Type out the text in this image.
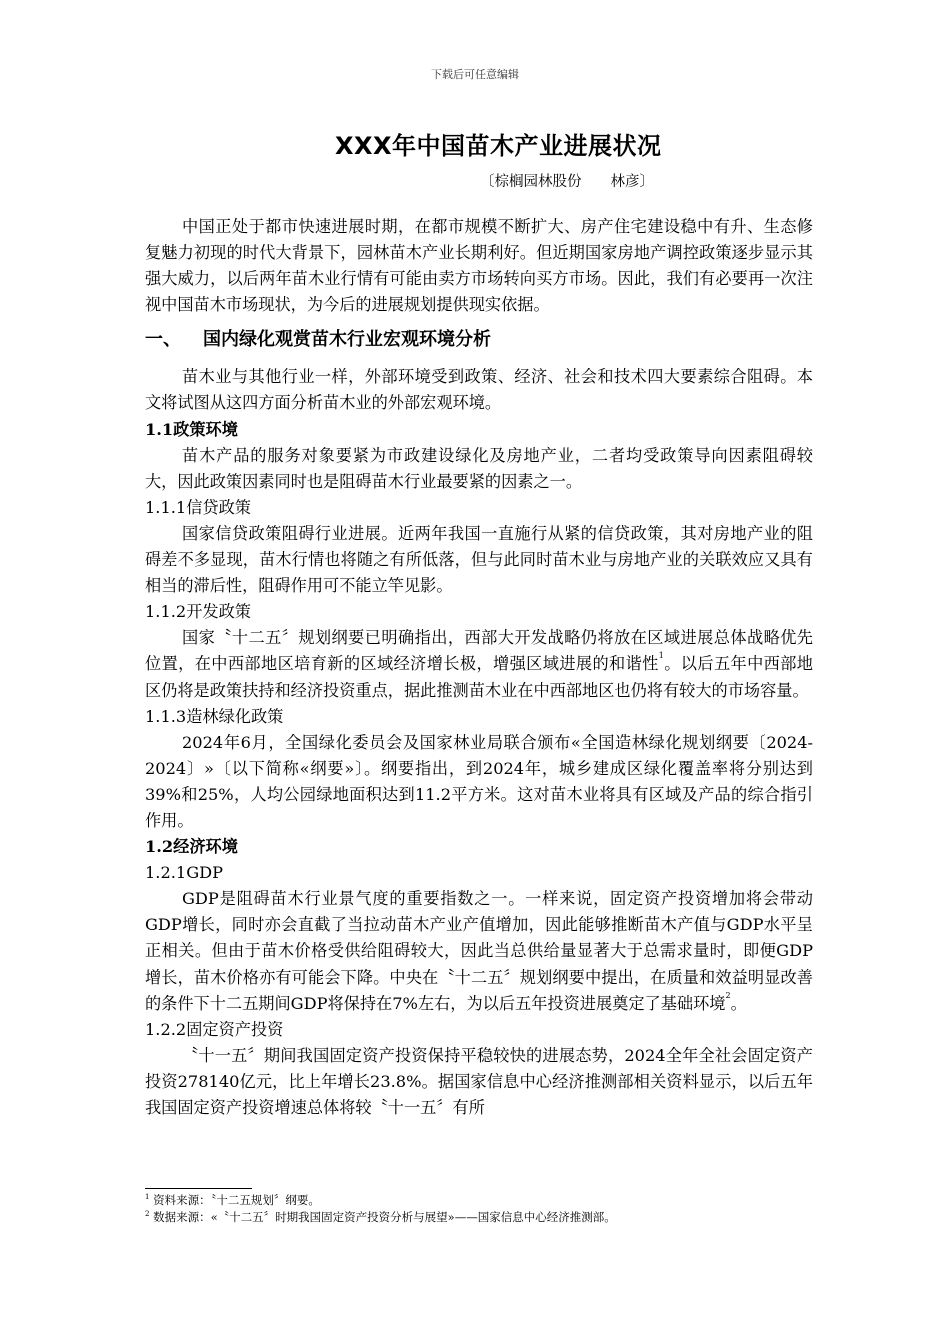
下载后可任意编辑
XXX年中国苗木产业进展状况
〔棕榈园林股份　　林彦〕

中国正处于都市快速进展时期，在都市规模不断扩大、房产住宅建设稳中有升、生态修复魅力初现的时代大背景下，园林苗木产业长期利好。但近期国家房地产调控政策逐步显示其强大威力，以后两年苗木业行情有可能由卖方市场转向买方市场。因此，我们有必要再一次注视中国苗木市场现状，为今后的进展规划提供现实依据。

一、 国内绿化观赏苗木行业宏观环境分析

苗木业与其他行业一样，外部环境受到政策、经济、社会和技术四大要素综合阻碍。本文将试图从这四方面分析苗木业的外部宏观环境。

1.1政策环境

苗木产品的服务对象要紧为市政建设绿化及房地产业，二者均受政策导向因素阻碍较大，因此政策因素同时也是阻碍苗木行业最要紧的因素之一。

1.1.1信贷政策

国家信贷政策阻碍行业进展。近两年我国一直施行从紧的信贷政策，其对房地产业的阻碍差不多显现，苗木行情也将随之有所低落，但与此同时苗木业与房地产业的关联效应又具有相当的滞后性，阻碍作用可不能立竿见影。

1.1.2开发政策

国家〝十二五〞规划纲要已明确指出，西部大开发战略仍将放在区域进展总体战略优先位置，在中西部地区培育新的区域经济增长极，增强区域进展的和谐性$^1$。以后五年中西部地区仍将是政策扶持和经济投资重点，据此推测苗木业在中西部地区也仍将有较大的市场容量。

1.1.3造林绿化政策

2024年6月，全国绿化委员会及国家林业局联合颁布«全国造林绿化规划纲要〔2024-2024〕»〔以下简称«纲要»〕。纲要指出，到2024年，城乡建成区绿化覆盖率将分别达到39%和25%，人均公园绿地面积达到11.2平方米。这对苗木业将具有区域及产品的综合指引作用。

1.2经济环境
1.2.1GDP

GDP是阻碍苗木行业景气度的重要指数之一。一样来说，固定资产投资增加将会带动GDP增长，同时亦会直截了当拉动苗木产业产值增加，因此能够推断苗木产值与GDP水平呈正相关。但由于苗木价格受供给阻碍较大，因此当总供给量显著大于总需求量时，即便GDP增长，苗木价格亦有可能会下降。中央在〝十二五〞规划纲要中提出，在质量和效益明显改善的条件下十二五期间GDP将保持在7%左右，为以后五年投资进展奠定了基础环境$^2$。

1.2.2固定资产投资

〝十一五〞期间我国固定资产投资保持平稳较快的进展态势，2024全年全社会固定资产投资278140亿元，比上年增长23.8%。据国家信息中心经济推测部相关资料显示，以后五年我国固定资产投资增速总体将较〝十一五〞有所

$^1$ 资料来源：〝十二五规划〞纲要。
$^2$ 数据来源：«〝十二五〞时期我国固定资产投资分析与展望»——国家信息中心经济推测部。
